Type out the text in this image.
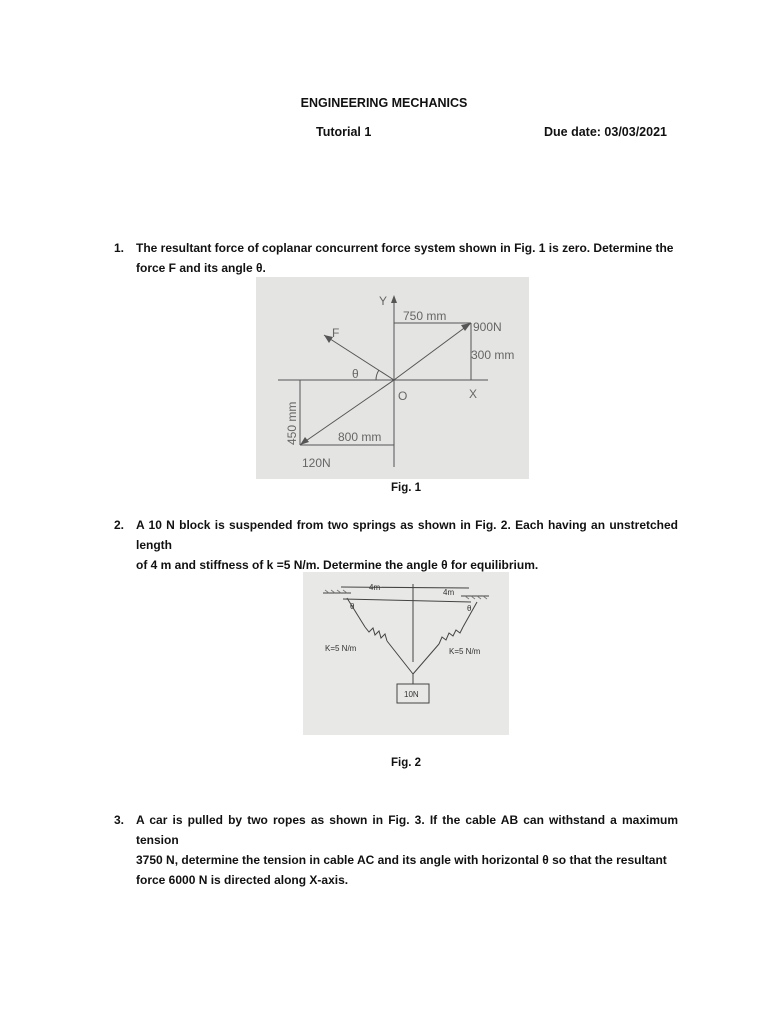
ENGINEERING MECHANICS
Tutorial 1	Due date: 03/03/2021
1. The resultant force of coplanar concurrent force system shown in Fig. 1 is zero. Determine the
force F and its angle θ.
Y
X
O
F
θ
750 mm
900N
300 mm
800 mm
120N
450 mm
Fig. 1
2. A 10 N block is suspended from two springs as shown in Fig. 2. Each having an unstretched length
of 4 m and stiffness of k =5 N/m. Determine the angle θ for equilibrium.
4m
4m
θ	θ
K=5 N/m	K=5 N/m
10N
Fig. 2
3. A car is pulled by two ropes as shown in Fig. 3. If the cable AB can withstand a maximum tension
3750 N, determine the tension in cable AC and its angle with horizontal θ so that the resultant
force 6000 N is directed along X-axis.
